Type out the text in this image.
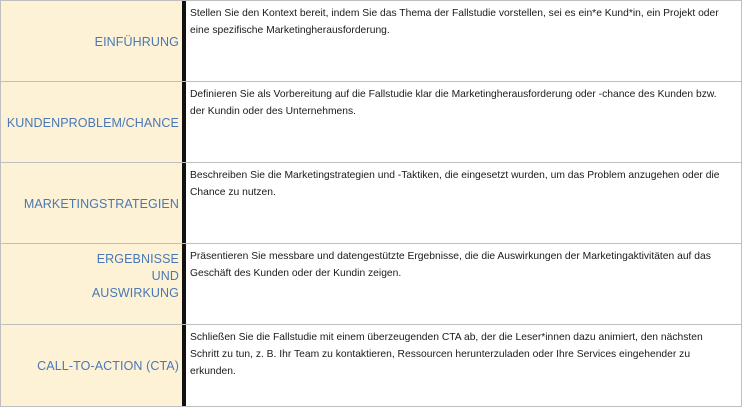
EINFÜHRUNG
Stellen Sie den Kontext bereit, indem Sie das Thema der Fallstudie vorstellen, sei es ein*e Kund*in, ein Projekt oder eine spezifische Marketingherausforderung.
KUNDENPROBLEM/CHANCE
Definieren Sie als Vorbereitung auf die Fallstudie klar die Marketingherausforderung oder -chance des Kunden bzw. der Kundin oder des Unternehmens.
MARKETINGSTRATEGIEN
Beschreiben Sie die Marketingstrategien und -Taktiken, die eingesetzt wurden, um das Problem anzugehen oder die Chance zu nutzen.
ERGEBNISSE UND AUSWIRKUNG
Präsentieren Sie messbare und datengestützte Ergebnisse, die die Auswirkungen der Marketingaktivitäten auf das Geschäft des Kunden oder der Kundin zeigen.
CALL-TO-ACTION (CTA)
Schließen Sie die Fallstudie mit einem überzeugenden CTA ab, der die Leser*innen dazu animiert, den nächsten Schritt zu tun, z. B. Ihr Team zu kontaktieren, Ressourcen herunterzuladen oder Ihre Services eingehender zu erkunden.
